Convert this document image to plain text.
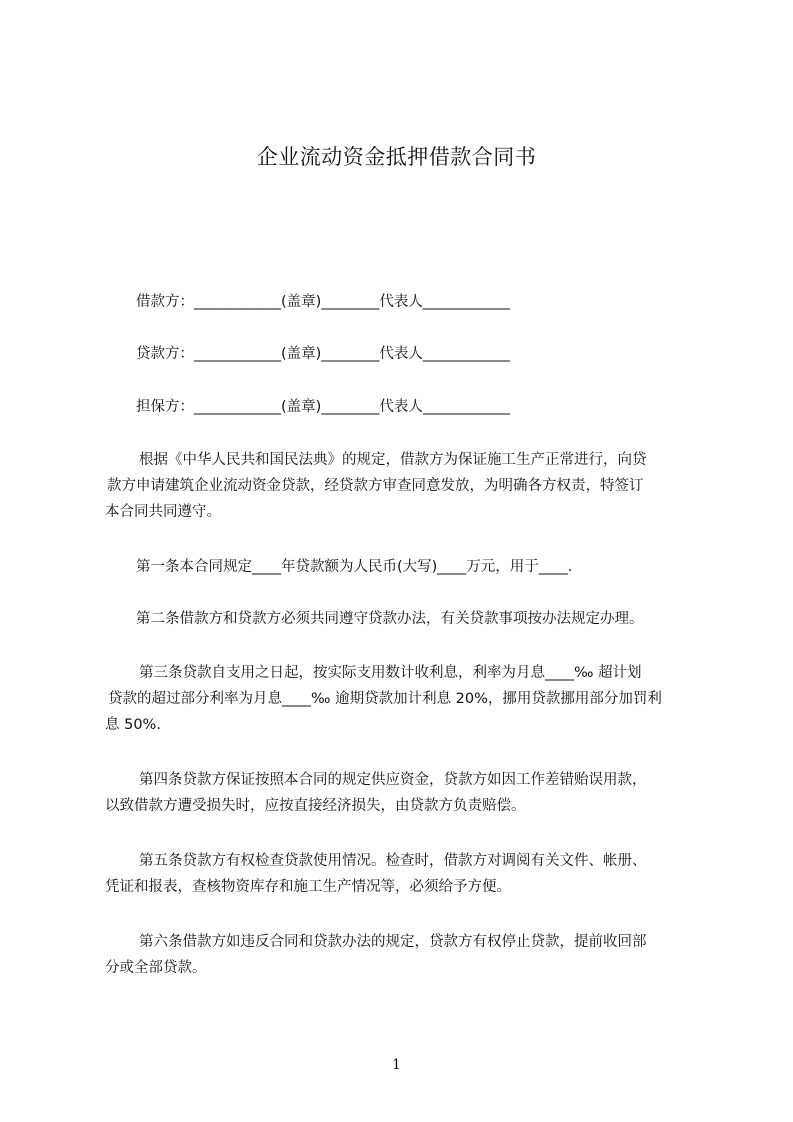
企业流动资金抵押借款合同书
借款方：____________(盖章)________代表人____________
贷款方：____________(盖章)________代表人____________
担保方：____________(盖章)________代表人____________

根据《中华人民共和国民法典》的规定，借款方为保证施工生产正常进行，向贷

款方申请建筑企业流动资金贷款，经贷款方审查同意发放，为明确各方权责，特签订

本合同共同遵守。

第一条本合同规定____年贷款额为人民币(大写)____万元，用于____.

第二条借款方和贷款方必须共同遵守贷款办法，有关贷款事项按办法规定办理。

第三条贷款自支用之日起，按实际支用数计收利息，利率为月息____‰ 超计划

贷款的超过部分利率为月息____‰ 逾期贷款加计利息 20%，挪用贷款挪用部分加罚利

息 50%.

第四条贷款方保证按照本合同的规定供应资金，贷款方如因工作差错贻误用款，

以致借款方遭受损失时，应按直接经济损失，由贷款方负责赔偿。

第五条贷款方有权检查贷款使用情况。检查时，借款方对调阅有关文件、帐册、

凭证和报表，查核物资库存和施工生产情况等，必须给予方便。

第六条借款方如违反合同和贷款办法的规定，贷款方有权停止贷款，提前收回部

分或全部贷款。

1
